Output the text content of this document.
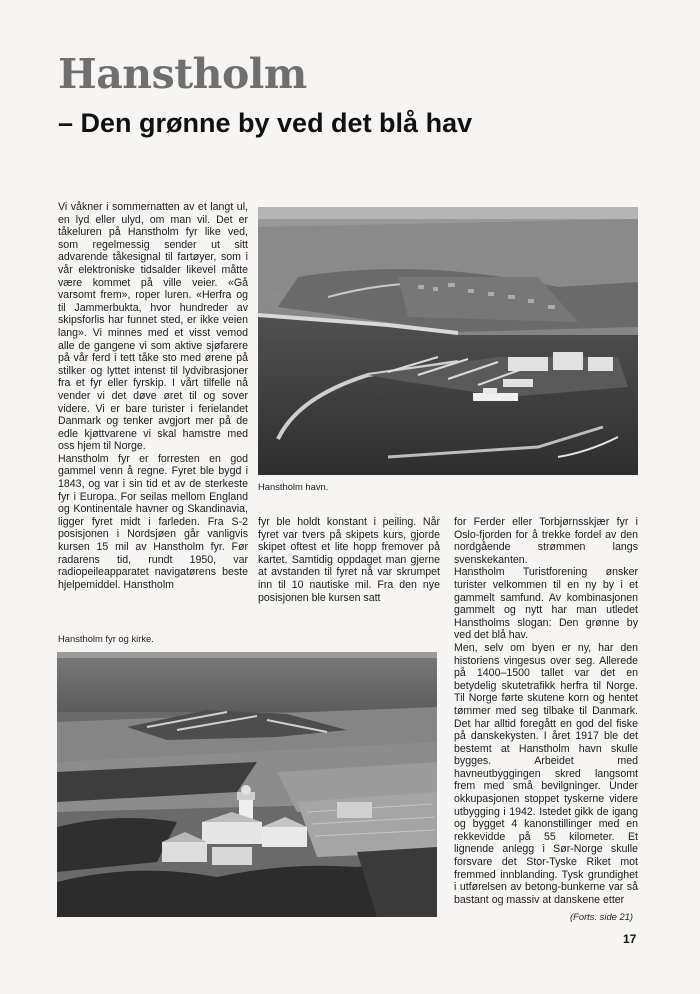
Hanstholm
– Den grønne by ved det blå hav

Vi våkner i sommernatten av et langt ul, en lyd eller ulyd, om man vil. Det er tåkeluren på Hanstholm fyr like ved, som regelmessig sender ut sitt advarende tåkesignal til fartøyer, som i vår elektroniske tidsalder likevel måtte være kommet på ville veier. «Gå varsomt frem», roper luren. «Herfra og til Jammerbukta, hvor hundreder av skipsforlis har funnet sted, er ikke veien lang». Vi minnes med et visst vemod alle de gangene vi som aktive sjøfarere på vår ferd i tett tåke sto med ørene på stilker og lyttet intenst til lydvibrasjoner fra et fyr eller fyrskip. I vårt tilfelle nå vender vi det døve øret til og sover videre. Vi er bare turister i ferielandet Danmark og tenker avgjort mer på de edle kjøttvarene vi skal hamstre med oss hjem til Norge.

Hanstholm fyr er forresten en god gammel venn å regne. Fyret ble bygd i 1843, og var i sin tid et av de sterkeste fyr i Europa. For seilas mellom England og Kontinentale havner og Skandinavia, ligger fyret midt i farleden. Fra S-2 posisjonen i Nordsjøen går vanligvis kursen 15 mil av Hanstholm fyr. Før radarens tid, rundt 1950, var radiopeileapparatet navigatørens beste hjelpemiddel. Hanstholm

Hanstholm havn.

fyr ble holdt konstant i peiling. Når fyret var tvers på skipets kurs, gjorde skipet oftest et lite hopp fremover på kartet. Samtidig oppdaget man gjerne at avstanden til fyret nå var skrumpet inn til 10 nautiske mil. Fra den nye posisjonen ble kursen satt

for Ferder eller Torbjørnsskjær fyr i Oslo-fjorden for å trekke fordel av den nordgående strømmen langs svenskekanten.

Hanstholm Turistforening ønsker turister velkommen til en ny by i et gammelt samfund. Av kombinasjonen gammelt og nytt har man utledet Hanstholms slogan: Den grønne by ved det blå hav.

Men, selv om byen er ny, har den historiens vingesus over seg. Allerede på 1400–1500 tallet var det en betydelig skutetrafikk herfra til Norge. Til Norge førte skutene korn og hentet tømmer med seg tilbake til Danmark. Det har alltid foregått en god del fiske på danskekysten. I året 1917 ble det bestemt at Hanstholm havn skulle bygges. Arbeidet med havneutbyggingen skred langsomt frem med små bevilgninger. Under okkupasjonen stoppet tyskerne videre utbygging i 1942. Istedet gikk de igang og bygget 4 kanonstillinger med en rekkevidde på 55 kilometer. Et lignende anlegg i Sør-Norge skulle forsvare det Stor-Tyske Riket mot fremmed innblanding. Tysk grundighet i utførelsen av betong-bunkerne var så bastant og massiv at danskene etter

Hanstholm fyr og kirke.
(Forts. side 21)
17
